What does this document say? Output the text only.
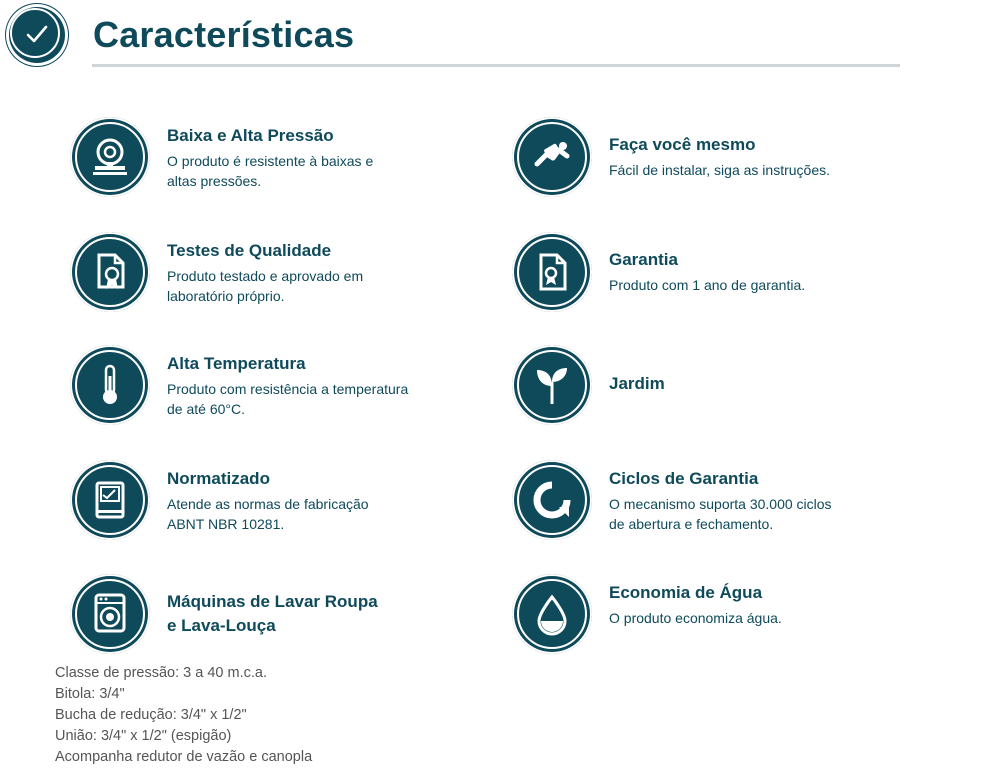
Características
Baixa e Alta Pressão
O produto é resistente à baixas e
altas pressões.
Testes de Qualidade
Produto testado e aprovado em
laboratório próprio.
Alta Temperatura
Produto com resistência a temperatura
de até 60°C.
Normatizado
Atende as normas de fabricação
ABNT NBR 10281.
Máquinas de Lavar Roupa
e Lava-Louça
Faça você mesmo
Fácil de instalar, siga as instruções.
Garantia
Produto com 1 ano de garantia.
Jardim
Ciclos de Garantia
O mecanismo suporta 30.000 ciclos
de abertura e fechamento.
Economia de Água
O produto economiza água.
Classe de pressão: 3 a 40 m.c.a.
Bitola: 3/4"
Bucha de redução: 3/4" x 1/2"
União: 3/4" x 1/2" (espigão)
Acompanha redutor de vazão e canopla
